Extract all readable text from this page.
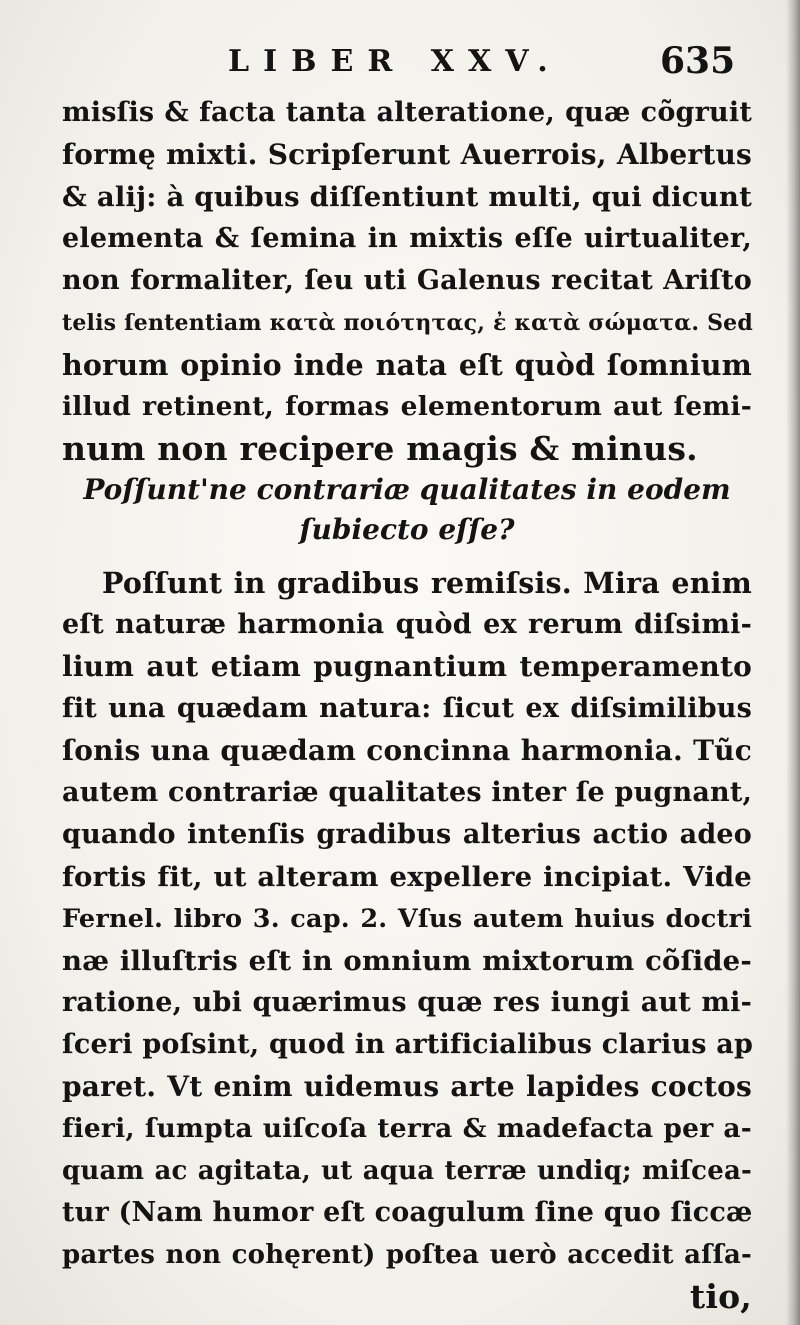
LIBER XXV.	635
misſis & facta tanta alteratione, quæ cõgruit
formę mixti. Scripſerunt Auerrois, Albertus
& alij: à quibus diſſentiunt multi, qui dicunt
elementa & ſemina in mixtis eſſe uirtualiter,
non formaliter, ſeu uti Galenus recitat Ariſto
telis ſententiam κατὰ ποιότητας, ἐ κατὰ σώματα. Sed
horum opinio inde nata eſt quòd ſomnium
illud retinent, formas elementorum aut ſemi-
num non recipere magis & minus.
Poſſunt'ne contrariæ qualitates in eodem
ſubiecto eſſe?
Poſſunt in gradibus remiſsis. Mira enim
eſt naturæ harmonia quòd ex rerum diſsimi-
lium aut etiam pugnantium temperamento
fit una quædam natura: ſicut ex diſsimilibus
ſonis una quædam concinna harmonia. Tũc
autem contrariæ qualitates inter ſe pugnant,
quando intenſis gradibus alterius actio adeo
fortis fit, ut alteram expellere incipiat. Vide
Fernel. libro 3. cap. 2. Vſus autem huius doctri
næ illuſtris eſt in omnium mixtorum cõſide-
ratione, ubi quærimus quæ res iungi aut mi-
ſceri poſsint, quod in artificialibus clarius ap
paret. Vt enim uidemus arte lapides coctos
fieri, ſumpta uiſcoſa terra & madefacta per a-
quam ac agitata, ut aqua terræ undiq; miſcea-
tur (Nam humor eſt coagulum ſine quo ſiccæ
partes non cohęrent) poſtea uerò accedit aſſa-
tio,
